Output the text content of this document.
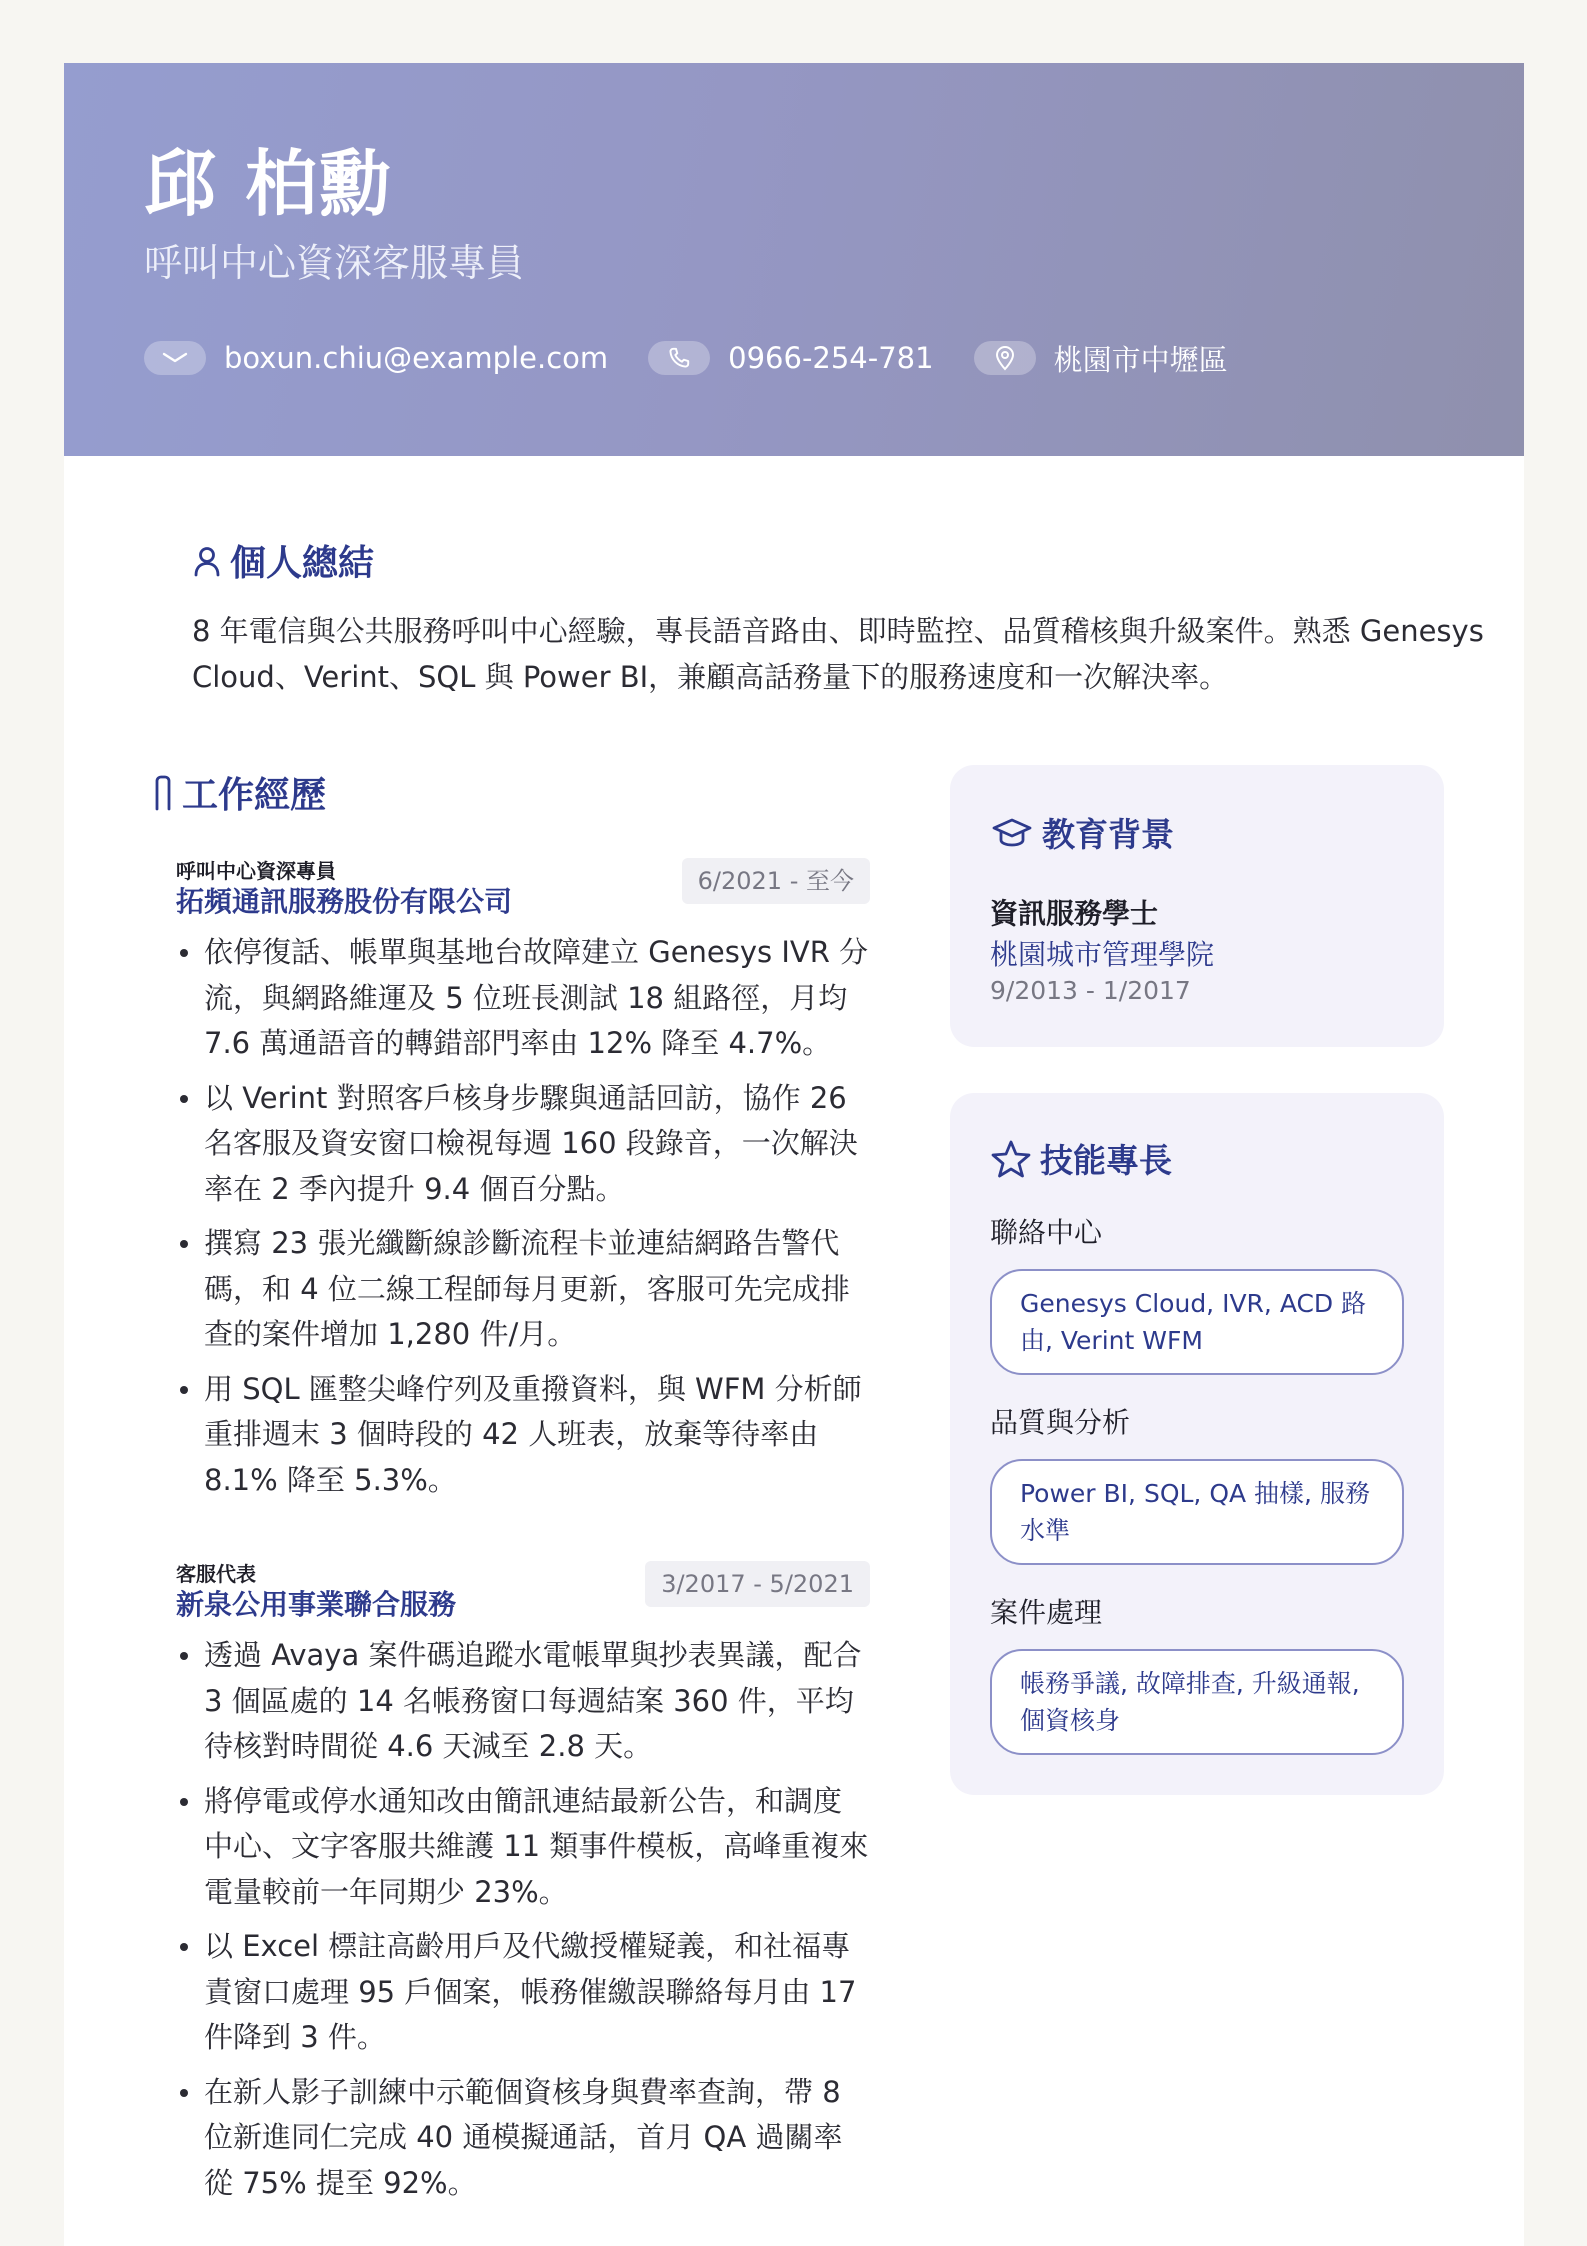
邱 柏勳
呼叫中心資深客服專員
boxun.chiu@example.com	0966-254-781	桃園市中壢區
個人總結

8 年電信與公共服務呼叫中心經驗，專長語音路由、即時監控、品質稽核與升級案件。熟悉 Genesys Cloud、Verint、SQL 與 Power BI，兼顧高話務量下的服務速度和一次解決率。

工作經歷
呼叫中心資深專員
拓頻通訊服務股份有限公司
6/2021 - 至今
依停復話、帳單與基地台故障建立 Genesys IVR 分流，與網路維運及 5 位班長測試 18 組路徑，月均 7.6 萬通語音的轉錯部門率由 12% 降至 4.7%。
以 Verint 對照客戶核身步驟與通話回訪，協作 26 名客服及資安窗口檢視每週 160 段錄音，一次解決率在 2 季內提升 9.4 個百分點。
撰寫 23 張光纖斷線診斷流程卡並連結網路告警代碼，和 4 位二線工程師每月更新，客服可先完成排查的案件增加 1,280 件/月。
用 SQL 匯整尖峰佇列及重撥資料，與 WFM 分析師重排週末 3 個時段的 42 人班表，放棄等待率由 8.1% 降至 5.3%。
客服代表
新泉公用事業聯合服務
3/2017 - 5/2021
透過 Avaya 案件碼追蹤水電帳單與抄表異議，配合 3 個區處的 14 名帳務窗口每週結案 360 件，平均待核對時間從 4.6 天減至 2.8 天。
將停電或停水通知改由簡訊連結最新公告，和調度中心、文字客服共維護 11 類事件模板，高峰重複來電量較前一年同期少 23%。
以 Excel 標註高齡用戶及代繳授權疑義，和社福專責窗口處理 95 戶個案，帳務催繳誤聯絡每月由 17 件降到 3 件。
在新人影子訓練中示範個資核身與費率查詢，帶 8 位新進同仁完成 40 通模擬通話，首月 QA 過關率從 75% 提至 92%。
教育背景
資訊服務學士
桃園城市管理學院
9/2013 - 1/2017
技能專長
聯絡中心
Genesys Cloud, IVR, ACD 路由, Verint WFM
品質與分析
Power BI, SQL, QA 抽樣, 服務水準
案件處理
帳務爭議, 故障排查, 升級通報, 個資核身
